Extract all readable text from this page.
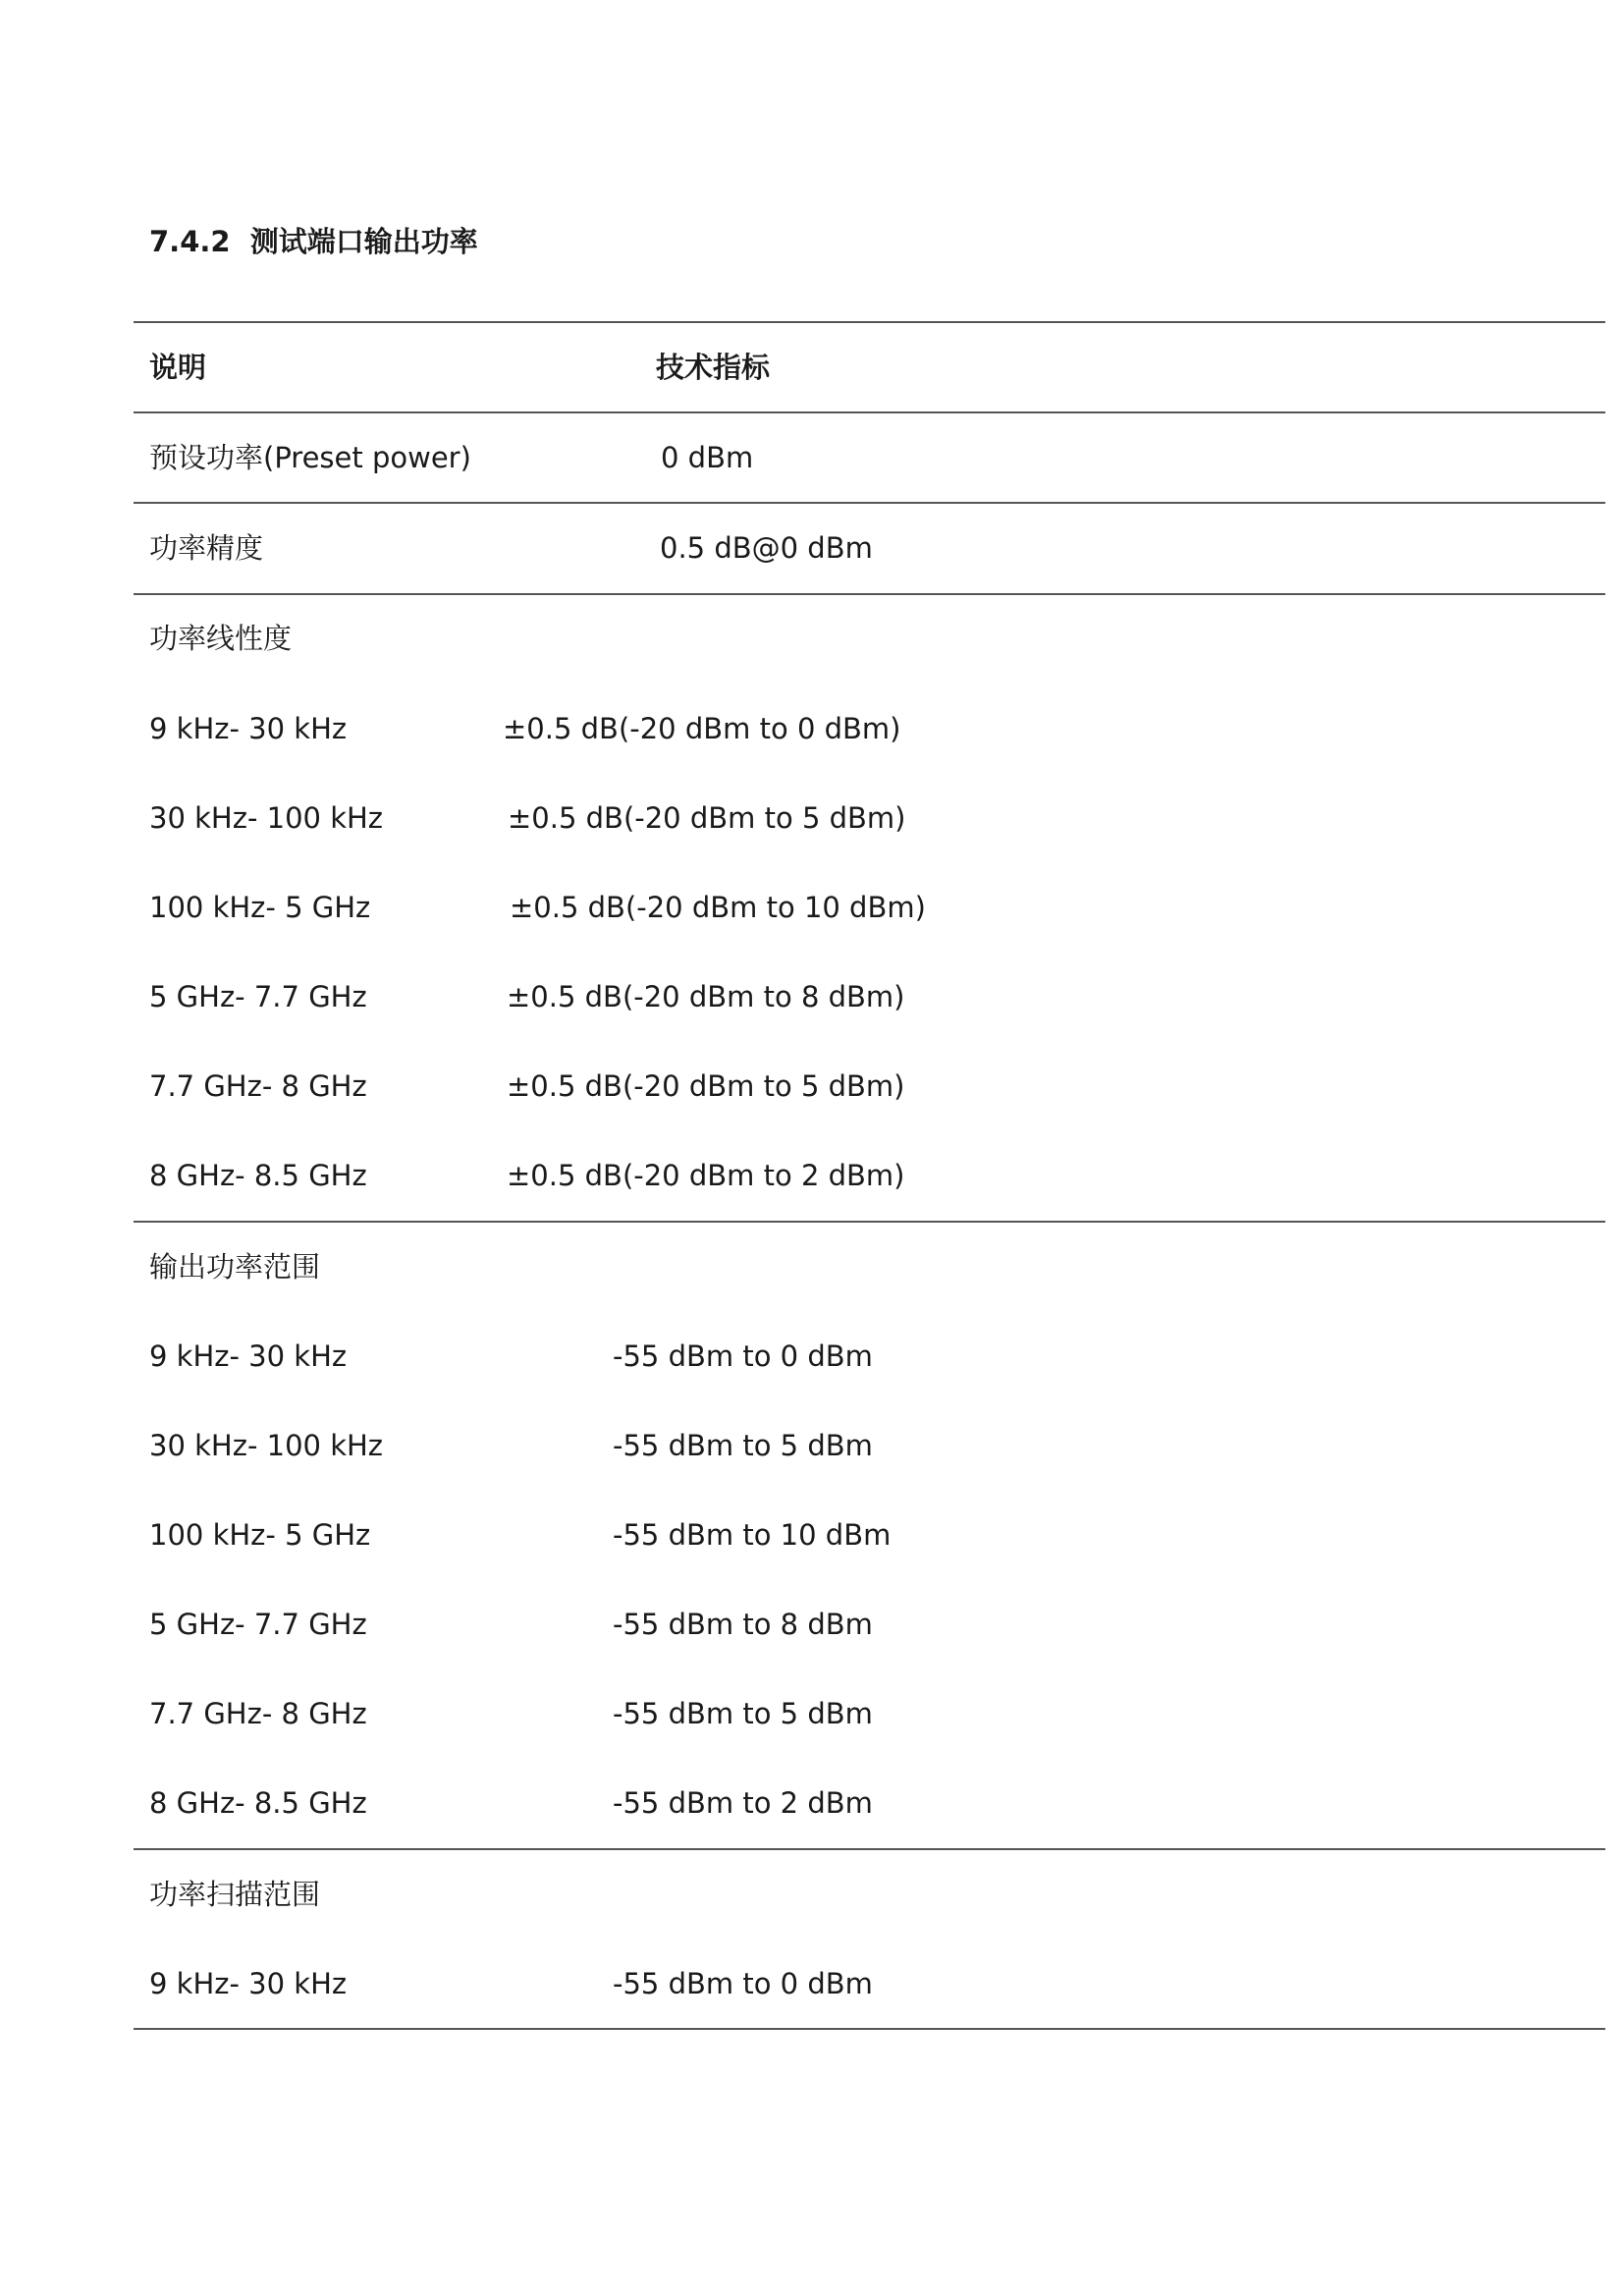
7.4.2 测试端口输出功率
说明	技术指标
预设功率(Preset power)	0 dBm
功率精度	0.5 dB@0 dBm
功率线性度
9 kHz- 30 kHz	±0.5 dB(-20 dBm to 0 dBm)
30 kHz- 100 kHz	±0.5 dB(-20 dBm to 5 dBm)
100 kHz- 5 GHz	±0.5 dB(-20 dBm to 10 dBm)
5 GHz- 7.7 GHz	±0.5 dB(-20 dBm to 8 dBm)
7.7 GHz- 8 GHz	±0.5 dB(-20 dBm to 5 dBm)
8 GHz- 8.5 GHz	±0.5 dB(-20 dBm to 2 dBm)
输出功率范围
9 kHz- 30 kHz	-55 dBm to 0 dBm
30 kHz- 100 kHz	-55 dBm to 5 dBm
100 kHz- 5 GHz	-55 dBm to 10 dBm
5 GHz- 7.7 GHz	-55 dBm to 8 dBm
7.7 GHz- 8 GHz	-55 dBm to 5 dBm
8 GHz- 8.5 GHz	-55 dBm to 2 dBm
功率扫描范围
9 kHz- 30 kHz	-55 dBm to 0 dBm
